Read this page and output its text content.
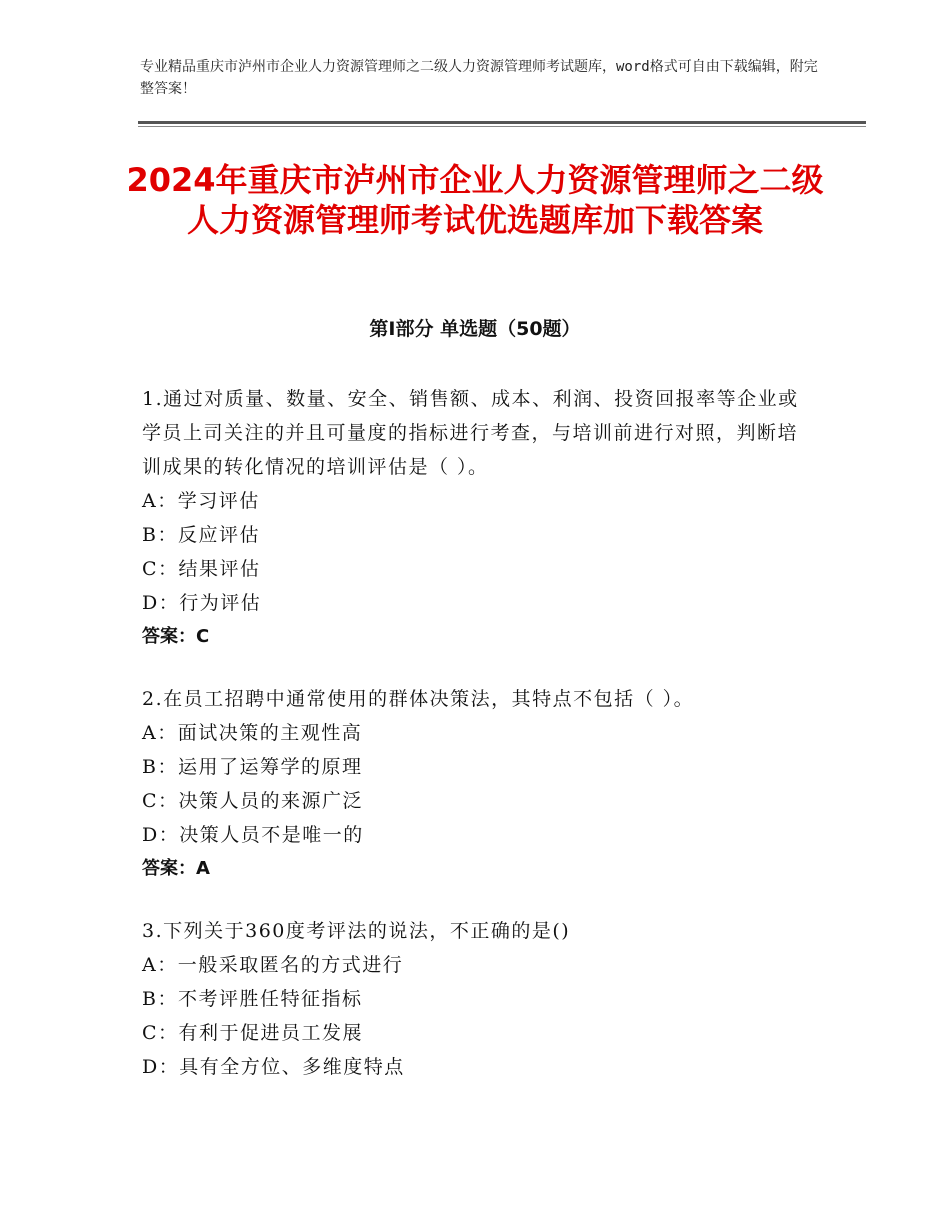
专业精品重庆市泸州市企业人力资源管理师之二级人力资源管理师考试题库，word格式可自由下载编辑，附完整答案！
2024年重庆市泸州市企业人力资源管理师之二级人力资源管理师考试优选题库加下载答案
第Ⅰ部分 单选题（50题）
1.通过对质量、数量、安全、销售额、成本、利润、投资回报率等企业或学员上司关注的并且可量度的指标进行考查，与培训前进行对照，判断培训成果的转化情况的培训评估是（ ）。
A：学习评估
B：反应评估
C：结果评估
D：行为评估
答案：C
2.在员工招聘中通常使用的群体决策法，其特点不包括（ ）。
A：面试决策的主观性高
B：运用了运筹学的原理
C：决策人员的来源广泛
D：决策人员不是唯一的
答案：A
3.下列关于360度考评法的说法，不正确的是()
A：一般采取匿名的方式进行
B：不考评胜任特征指标
C：有利于促进员工发展
D：具有全方位、多维度特点
